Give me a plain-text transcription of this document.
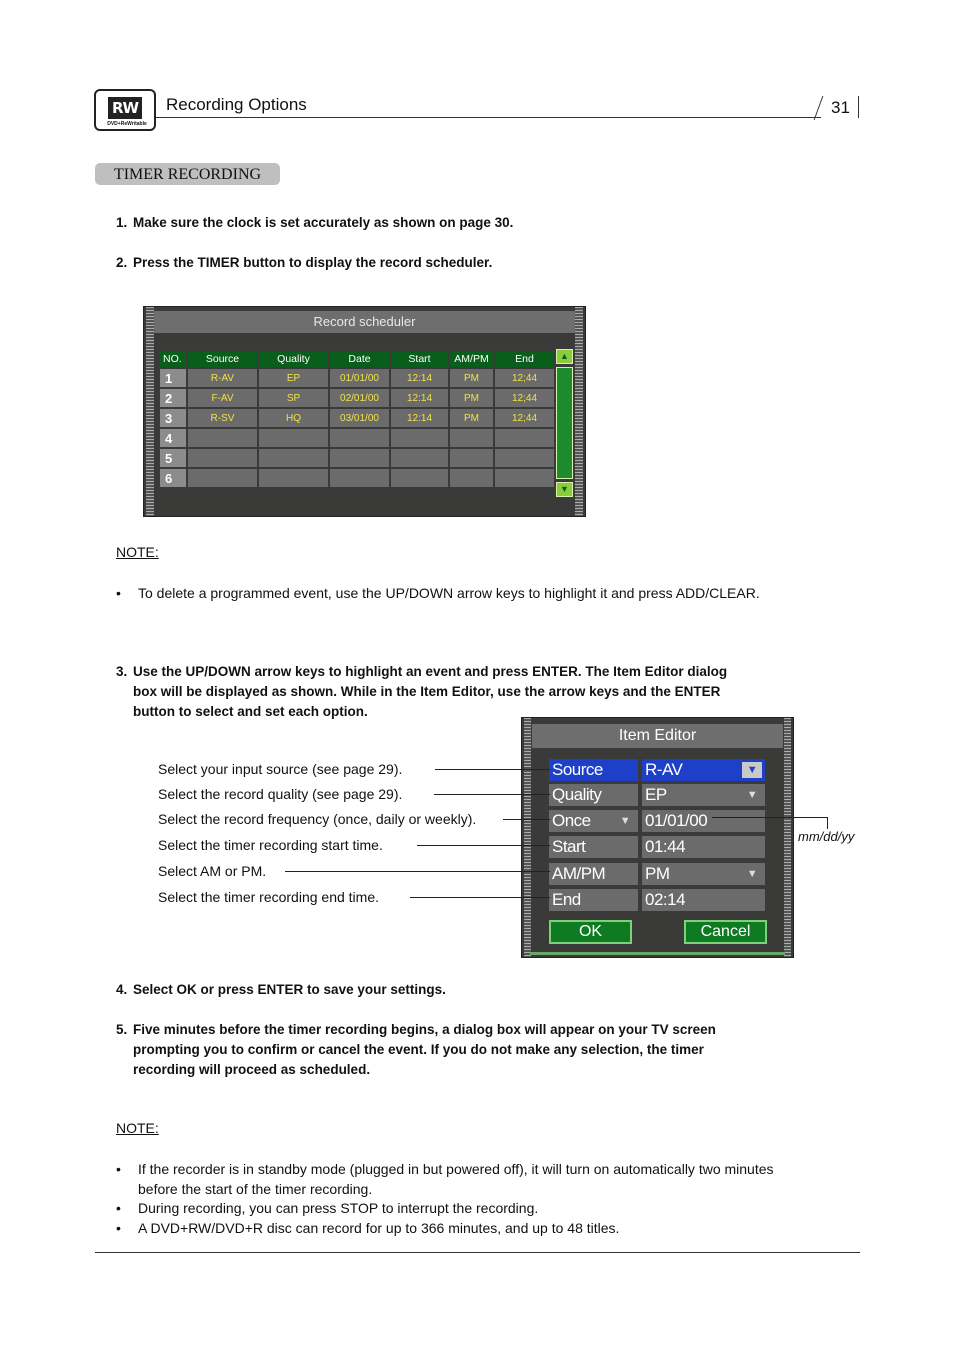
RW
DVD+ReWritable
Recording Options	31
TIMER RECORDING
1. Make sure the clock is set accurately as shown on page 30.
2. Press the TIMER button to display the record scheduler.
Record scheduler
NO.	Source	Quality	Date	Start	AM/PM	End
1	R-AV	EP	01/01/00	12:14	PM	12;44
2	F-AV	SP	02/01/00	12:14	PM	12;44
3	R-SV	HQ	03/01/00	12:14	PM	12;44
4						
5						
6						
▲
▼
NOTE:
•	To delete a programmed event, use the UP/DOWN arrow keys to highlight it and press ADD/CLEAR.
3. Use the UP/DOWN arrow keys to highlight an event and press ENTER. The Item Editor dialog
box will be displayed as shown. While in the Item Editor, use the arrow keys and the ENTER
button to select and set each option.
Item Editor
Source	R-AV	▼
Quality	EP	▼
Once	▼ 01/01/00
Start	01:44
AM/PM	PM	▼
End	02:14
OK	Cancel
Select your input source (see page 29).
Select the record quality (see page 29).
Select the record frequency (once, daily or weekly).
Select the timer recording start time.
Select AM or PM.
Select the timer recording end time.
mm/dd/yy
4. Select OK or press ENTER to save your settings.
5. Five minutes before the timer recording begins, a dialog box will appear on your TV screen
prompting you to confirm or cancel the event. If you do not make any selection, the timer
recording will proceed as scheduled.
NOTE:
•	If the recorder is in standby mode (plugged in but powered off), it will turn on automatically two minutes
before the start of the timer recording.
•	During recording, you can press STOP to interrupt the recording.
•	A DVD+RW/DVD+R disc can record for up to 366 minutes, and up to 48 titles.
